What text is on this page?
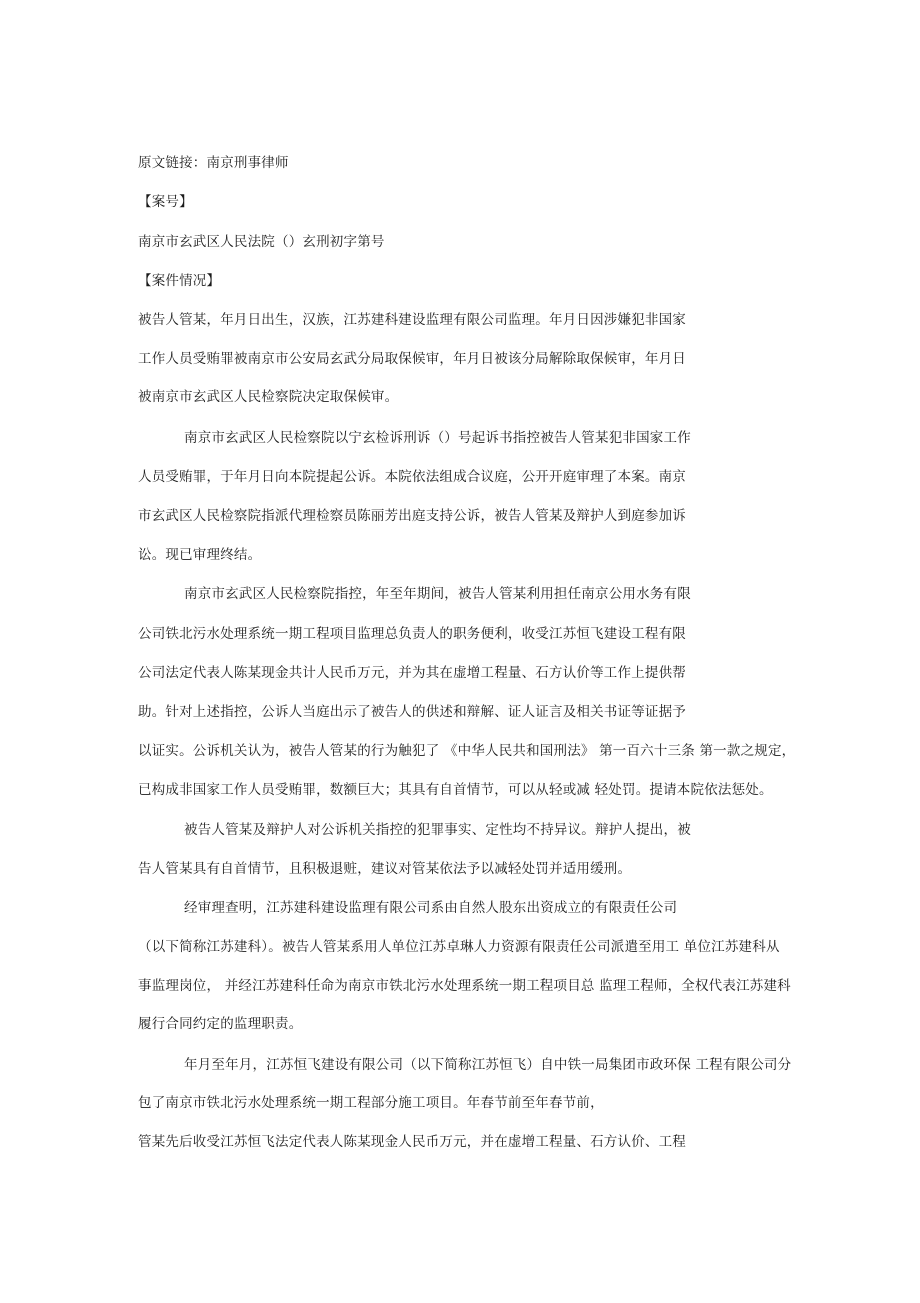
原文链接：南京刑事律师

【案号】

南京市玄武区人民法院（）玄刑初字第号

【案件情况】

被告人管某，年月日出生，汉族，江苏建科建设监理有限公司监理。年月日因涉嫌犯非国家

工作人员受贿罪被南京市公安局玄武分局取保候审，年月日被该分局解除取保候审，年月日

被南京市玄武区人民检察院决定取保候审。

南京市玄武区人民检察院以宁玄检诉刑诉（）号起诉书指控被告人管某犯非国家工作

人员受贿罪，于年月日向本院提起公诉。本院依法组成合议庭，公开开庭审理了本案。南京

市玄武区人民检察院指派代理检察员陈丽芳出庭支持公诉，被告人管某及辩护人到庭参加诉

讼。现已审理终结。

南京市玄武区人民检察院指控，年至年期间，被告人管某利用担任南京公用水务有限

公司铁北污水处理系统一期工程项目监理总负责人的职务便利，收受江苏恒飞建设工程有限

公司法定代表人陈某现金共计人民币万元，并为其在虚增工程量、石方认价等工作上提供帮

助。针对上述指控，公诉人当庭出示了被告人的供述和辩解、证人证言及相关书证等证据予

以证实。公诉机关认为，被告人管某的行为触犯了 《中华人民共和国刑法》 第一百六十三条 第一款之规定，

已构成非国家工作人员受贿罪，数额巨大；其具有自首情节，可以从轻或减 轻处罚。提请本院依法惩处。

被告人管某及辩护人对公诉机关指控的犯罪事实、定性均不持异议。辩护人提出，被

告人管某具有自首情节，且积极退赃，建议对管某依法予以减轻处罚并适用缓刑。

经审理查明，江苏建科建设监理有限公司系由自然人股东出资成立的有限责任公司

（以下简称江苏建科）。被告人管某系用人单位江苏卓琳人力资源有限责任公司派遣至用工 单位江苏建科从

事监理岗位， 并经江苏建科任命为南京市铁北污水处理系统一期工程项目总 监理工程师，全权代表江苏建科

履行合同约定的监理职责。

年月至年月，江苏恒飞建设有限公司（以下简称江苏恒飞）自中铁一局集团市政环保 工程有限公司分

包了南京市铁北污水处理系统一期工程部分施工项目。年春节前至年春节前，

管某先后收受江苏恒飞法定代表人陈某现金人民币万元，并在虚增工程量、石方认价、工程
